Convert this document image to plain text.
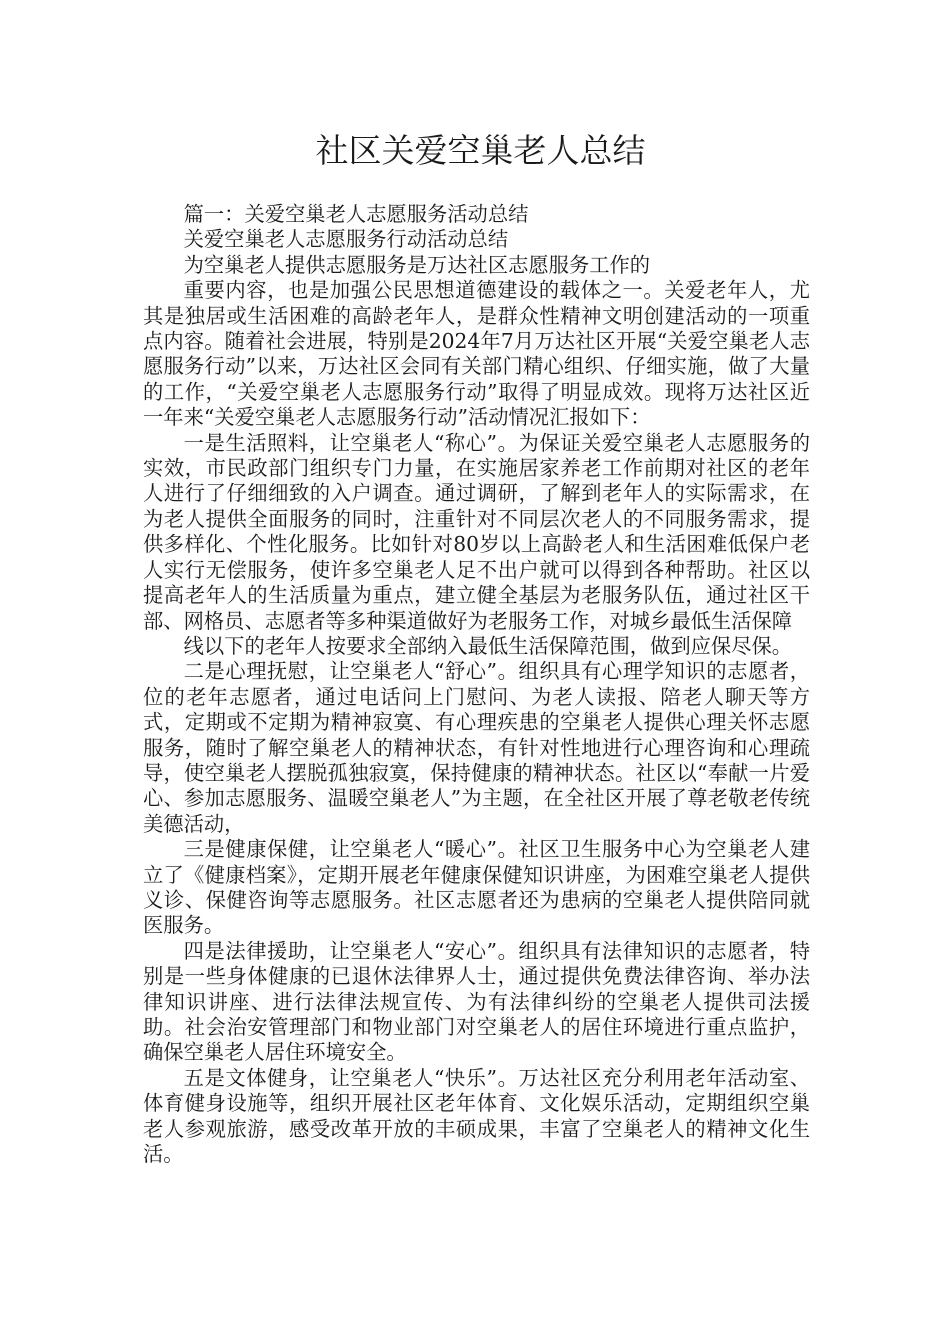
社区关爱空巢老人总结

篇一：关爱空巢老人志愿服务活动总结

关爱空巢老人志愿服务行动活动总结

为空巢老人提供志愿服务是万达社区志愿服务工作的

重要内容，也是加强公民思想道德建设的载体之一。关爱老年人，尤其是独居或生活困难的高龄老年人，是群众性精神文明创建活动的一项重点内容。随着社会进展，特别是2024年7月万达社区开展“关爱空巢老人志愿服务行动”以来，万达社区会同有关部门精心组织、仔细实施，做了大量的工作，“关爱空巢老人志愿服务行动”取得了明显成效。现将万达社区近一年来“关爱空巢老人志愿服务行动”活动情况汇报如下：

一是生活照料，让空巢老人“称心”。为保证关爱空巢老人志愿服务的实效，市民政部门组织专门力量，在实施居家养老工作前期对社区的老年人进行了仔细细致的入户调查。通过调研，了解到老年人的实际需求，在为老人提供全面服务的同时，注重针对不同层次老人的不同服务需求，提供多样化、个性化服务。比如针对80岁以上高龄老人和生活困难低保户老人实行无偿服务，使许多空巢老人足不出户就可以得到各种帮助。社区以提高老年人的生活质量为重点，建立健全基层为老服务队伍，通过社区干部、网格员、志愿者等多种渠道做好为老服务工作，对城乡最低生活保障

线以下的老年人按要求全部纳入最低生活保障范围，做到应保尽保。

二是心理抚慰，让空巢老人“舒心”。组织具有心理学知识的志愿者，位的老年志愿者，通过电话问上门慰问、为老人读报、陪老人聊天等方式，定期或不定期为精神寂寞、有心理疾患的空巢老人提供心理关怀志愿服务，随时了解空巢老人的精神状态，有针对性地进行心理咨询和心理疏导，使空巢老人摆脱孤独寂寞，保持健康的精神状态。社区以“奉献一片爱心、参加志愿服务、温暖空巢老人”为主题，在全社区开展了尊老敬老传统美德活动，

三是健康保健，让空巢老人“暖心”。社区卫生服务中心为空巢老人建立了《健康档案》，定期开展老年健康保健知识讲座，为困难空巢老人提供义诊、保健咨询等志愿服务。社区志愿者还为患病的空巢老人提供陪同就医服务。

四是法律援助，让空巢老人“安心”。组织具有法律知识的志愿者，特别是一些身体健康的已退休法律界人士，通过提供免费法律咨询、举办法律知识讲座、进行法律法规宣传、为有法律纠纷的空巢老人提供司法援助。社会治安管理部门和物业部门对空巢老人的居住环境进行重点监护，确保空巢老人居住环境安全。

五是文体健身，让空巢老人“快乐”。万达社区充分利用老年活动室、体育健身设施等，组织开展社区老年体育、文化娱乐活动，定期组织空巢老人参观旅游，感受改革开放的丰硕成果，丰富了空巢老人的精神文化生活。
